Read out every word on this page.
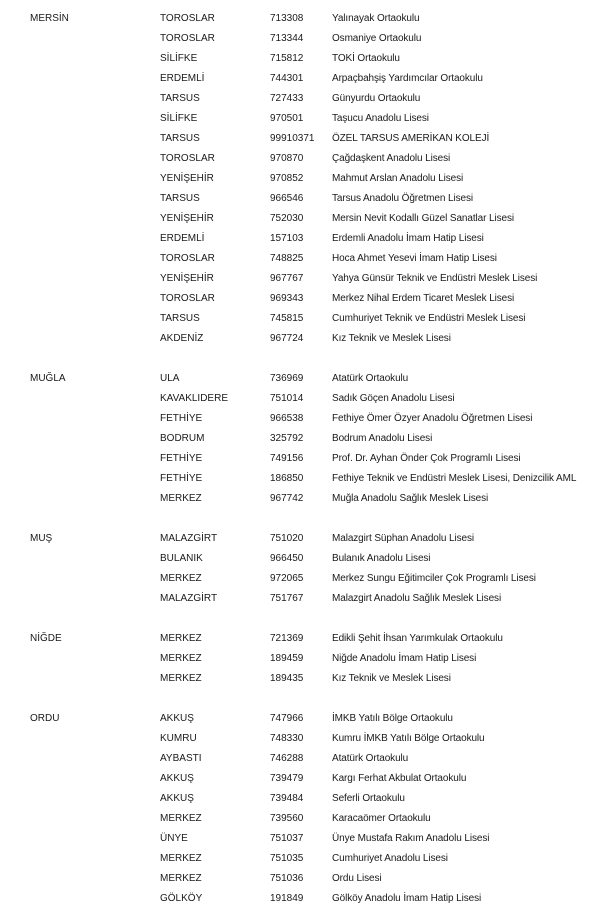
MERSİN	TOROSLAR	713308	Yalınayak Ortaokulu
TOROSLAR	713344	Osmaniye Ortaokulu
SİLİFKE	715812	TOKİ Ortaokulu
ERDEMLİ	744301	Arpaçbahşiş Yardımcılar Ortaokulu
TARSUS	727433	Günyurdu Ortaokulu
SİLİFKE	970501	Taşucu Anadolu Lisesi
TARSUS	99910371 ÖZEL TARSUS AMERİKAN KOLEJİ
TOROSLAR	970870	Çağdaşkent Anadolu Lisesi
YENİŞEHİR	970852	Mahmut Arslan Anadolu Lisesi
TARSUS	966546	Tarsus Anadolu Öğretmen Lisesi
YENİŞEHİR	752030	Mersin Nevit Kodallı Güzel Sanatlar Lisesi
ERDEMLİ	157103	Erdemli Anadolu İmam Hatip Lisesi
TOROSLAR	748825	Hoca Ahmet Yesevi İmam Hatip Lisesi
YENİŞEHİR	967767	Yahya Günsür Teknik ve Endüstri Meslek Lisesi
TOROSLAR	969343	Merkez Nihal Erdem Ticaret Meslek Lisesi
TARSUS	745815	Cumhuriyet Teknik ve Endüstri Meslek Lisesi
AKDENİZ	967724	Kız Teknik ve Meslek Lisesi
MUĞLA	ULA	736969	Atatürk Ortaokulu
KAVAKLIDERE	751014	Sadık Göçen Anadolu Lisesi
FETHİYE	966538	Fethiye Ömer Özyer Anadolu Öğretmen Lisesi
BODRUM	325792	Bodrum Anadolu Lisesi
FETHİYE	749156	Prof. Dr. Ayhan Önder Çok Programlı Lisesi
FETHİYE	186850	Fethiye Teknik ve Endüstri Meslek Lisesi, Denizcilik AML
MERKEZ	967742	Muğla Anadolu Sağlık Meslek Lisesi
MUŞ	MALAZGİRT	751020	Malazgirt Süphan Anadolu Lisesi
BULANIK	966450	Bulanık Anadolu Lisesi
MERKEZ	972065	Merkez Sungu Eğitimciler Çok Programlı Lisesi
MALAZGİRT	751767	Malazgirt Anadolu Sağlık Meslek Lisesi
NİĞDE	MERKEZ	721369	Edikli Şehit İhsan Yarımkulak Ortaokulu
MERKEZ	189459	Niğde Anadolu İmam Hatip Lisesi
MERKEZ	189435	Kız Teknik ve Meslek Lisesi
ORDU	AKKUŞ	747966	İMKB Yatılı Bölge Ortaokulu
KUMRU	748330	Kumru İMKB Yatılı Bölge Ortaokulu
AYBASTI	746288	Atatürk Ortaokulu
AKKUŞ	739479	Kargı Ferhat Akbulat Ortaokulu
AKKUŞ	739484	Seferli Ortaokulu
MERKEZ	739560	Karacaömer Ortaokulu
ÜNYE	751037	Ünye Mustafa Rakım Anadolu Lisesi
MERKEZ	751035	Cumhuriyet Anadolu Lisesi
MERKEZ	751036	Ordu Lisesi
GÖLKÖY	191849	Gölköy Anadolu İmam Hatip Lisesi
